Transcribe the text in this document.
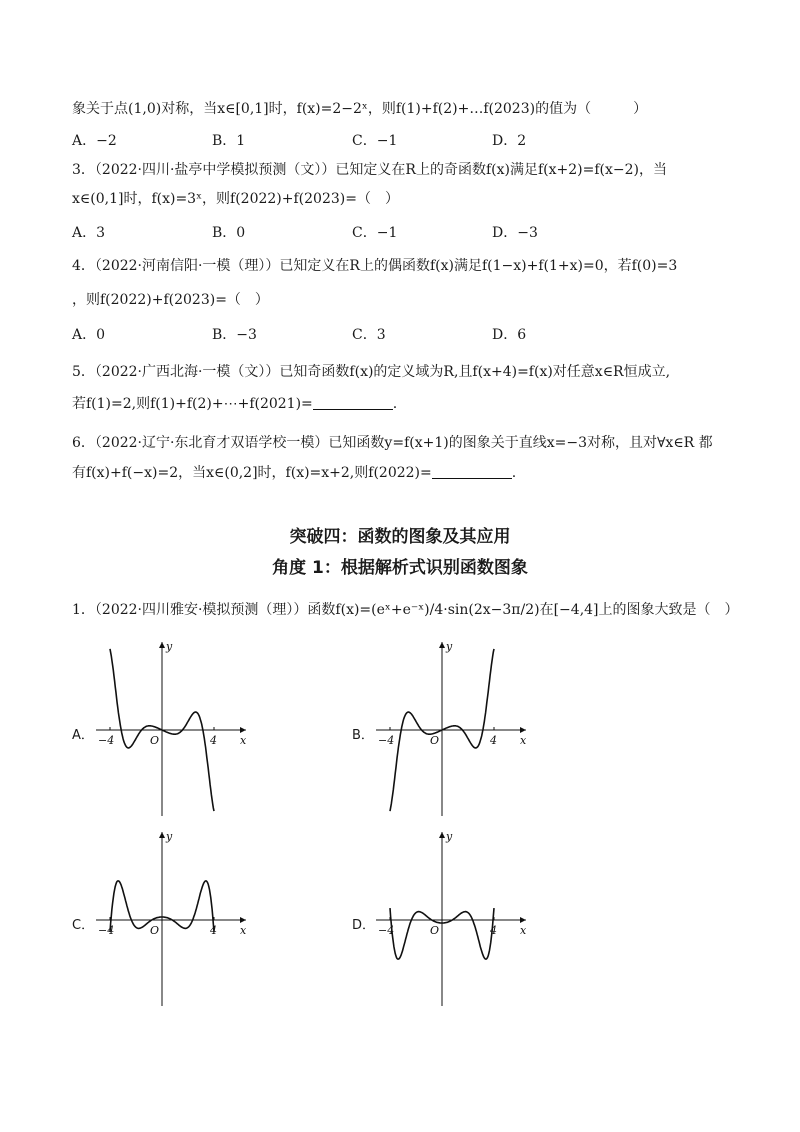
象关于点(1,0)对称，当x∈[0,1]时，f(x)=2−2ˣ，则f(1)+f(2)+…f(2023)的值为（　　　）
A．−2	B．1	C．−1	D．2
3．（2022·四川·盐亭中学模拟预测（文））已知定义在R上的奇函数f(x)满足f(x+2)=f(x−2)，当
x∈(0,1]时，f(x)=3ˣ，则f(2022)+f(2023)=（　）
A．3	B．0	C．−1	D．−3
4．（2022·河南信阳·一模（理））已知定义在R上的偶函数f(x)满足f(1−x)+f(1+x)=0，若f(0)=3
，则f(2022)+f(2023)=（　）
A．0	B．−3	C．3	D．6
5．（2022·广西北海·一模（文））已知奇函数f(x)的定义域为R,且f(x+4)=f(x)对任意x∈R恒成立,
若f(1)=2,则f(1)+f(2)+⋯+f(2021)=	.
6．（2022·辽宁·东北育才双语学校一模）已知函数y=f(x+1)的图象关于直线x=−3对称，且对∀x∈R 都
有f(x)+f(−x)=2，当x∈(0,2]时，f(x)=x+2,则f(2022)=	.
突破四：函数的图象及其应用
角度 1：根据解析式识别函数图象
1．（2022·四川雅安·模拟预测（理））函数f(x)=(eˣ+e⁻ˣ)/4·sin(2x−3π/2)在[−4,4]上的图象大致是（　）
A．	B．
C．	D．
y
x
O
−4	4
y
x
O
−4	4
y
x
O
−4	4
y
x
O
−4	4
